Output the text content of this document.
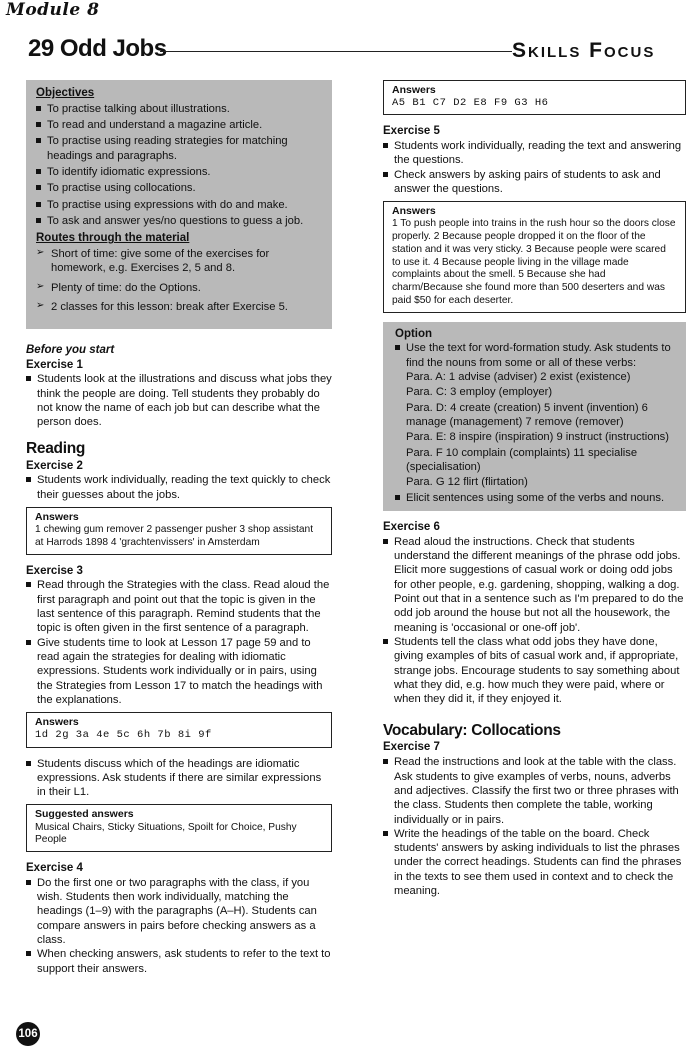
Module 8
29 Odd Jobs	Skills Focus
Objectives
To practise talking about illustrations.
To read and understand a magazine article.
To practise using reading strategies for matching headings and paragraphs.
To identify idiomatic expressions.
To practise using collocations.
To practise using expressions with do and make.
To ask and answer yes/no questions to guess a job.
Routes through the material
➢ Short of time: give some of the exercises for homework, e.g. Exercises 2, 5 and 8.
➢ Plenty of time: do the Options.
➢ 2 classes for this lesson: break after Exercise 5.
Before you start
Exercise 1
Students look at the illustrations and discuss what jobs they think the people are doing. Tell students they probably do not know the name of each job but can describe what the person does.
Reading
Exercise 2
Students work individually, reading the text quickly to check their guesses about the jobs.
Answers
1 chewing gum remover 2 passenger pusher 3 shop assistant at Harrods 1898 4 'grachtenvissers' in Amsterdam
Exercise 3
Read through the Strategies with the class. Read aloud the first paragraph and point out that the topic is given in the last sentence of this paragraph. Remind students that the topic is often given in the first sentence of a paragraph.
Give students time to look at Lesson 17 page 59 and to read again the strategies for dealing with idiomatic expressions. Students work individually or in pairs, using the Strategies from Lesson 17 to match the headings with the explanations.
Answers
1d 2g 3a 4e 5c 6h 7b 8i 9f
Students discuss which of the headings are idiomatic expressions. Ask students if there are similar expressions in their L1.
Suggested answers
Musical Chairs, Sticky Situations, Spoilt for Choice, Pushy People
Exercise 4
Do the first one or two paragraphs with the class, if you wish. Students then work individually, matching the headings (1–9) with the paragraphs (A–H). Students can compare answers in pairs before checking answers as a class.
When checking answers, ask students to refer to the text to support their answers.
Answers
A5 B1 C7 D2 E8 F9 G3 H6
Exercise 5
Students work individually, reading the text and answering the questions.
Check answers by asking pairs of students to ask and answer the questions.
Answers
1 To push people into trains in the rush hour so the doors close properly. 2 Because people dropped it on the floor of the station and it was very sticky. 3 Because people were scared to use it. 4 Because people living in the village made complaints about the smell. 5 Because she had charm/Because she found more than 500 deserters and was paid $50 for each deserter.
Option
Use the text for word-formation study. Ask students to find the nouns from some or all of these verbs:
Para. A: 1 advise (adviser) 2 exist (existence)
Para. C: 3 employ (employer)
Para. D: 4 create (creation) 5 invent (invention) 6 manage (management) 7 remove (remover)
Para. E: 8 inspire (inspiration) 9 instruct (instructions)
Para. F 10 complain (complaints) 11 specialise (specialisation)
Para. G 12 flirt (flirtation)
Elicit sentences using some of the verbs and nouns.
Exercise 6
Read aloud the instructions. Check that students understand the different meanings of the phrase odd jobs. Elicit more suggestions of casual work or doing odd jobs for other people, e.g. gardening, shopping, walking a dog. Point out that in a sentence such as I'm prepared to do the odd job around the house but not all the housework, the meaning is 'occasional or one-off job'.
Students tell the class what odd jobs they have done, giving examples of bits of casual work and, if appropriate, strange jobs. Encourage students to say something about what they did, e.g. how much they were paid, where or when they did it, if they enjoyed it.
Vocabulary: Collocations
Exercise 7
Read the instructions and look at the table with the class. Ask students to give examples of verbs, nouns, adverbs and adjectives. Classify the first two or three phrases with the class. Students then complete the table, working individually or in pairs.
Write the headings of the table on the board. Check students' answers by asking individuals to list the phrases under the correct headings. Students can find the phrases in the texts to see them used in context and to check the meaning.
106
